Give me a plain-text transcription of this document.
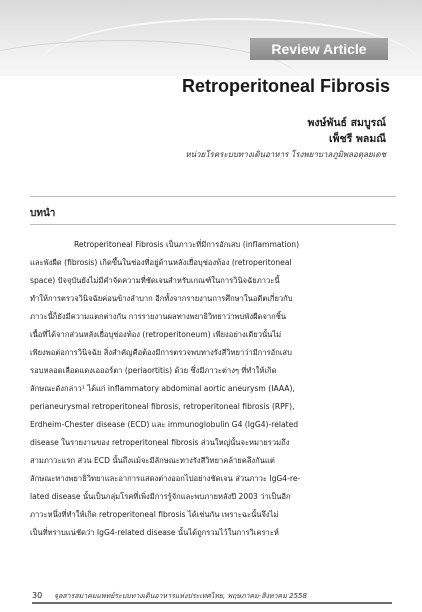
Review Article
Retroperitoneal Fibrosis
พงษ์พันธ์ สมบูรณ์
เพ็ชรี พลมณี
หน่วยโรคระบบทางเดินอาหาร โรงพยาบาลภูมิพลอดุลยเดช
บทนำ
Retroperitoneal Fibrosis เป็นภาวะที่มีการอักเสบ (inflammation)
และพังผืด (fibrosis) เกิดขึ้นในช่องที่อยู่ด้านหลังเยื่อบุช่องท้อง (retroperitoneal
space) ปัจจุบันยังไม่มีคำจัดความที่ชัดเจนสำหรับเกณฑ์ในการวินิจฉัยภาวะนี้
ทำให้การตรวจวินิจฉัยค่อนข้างลำบาก อีกทั้งจากรายงานการศึกษาในอดีตเกี่ยวกับ
ภาวะนี้ก็ยังมีความแตกต่างกัน การรายงานผลทางพยาธิวิทยาว่าพบพังผืดจากชิ้น
เนื้อที่ได้จากส่วนหลังเยื่อบุช่องท้อง (retroperitoneum) เพียงอย่างเดียวนั้นไม่
เพียงพอต่อการวินิจฉัย สิ่งสำคัญคือต้องมีการตรวจพบทางรังสีวิทยาว่ามีการอักเสบ
รอบหลอดเลือดแดงเอออร์ตา (periaortitis) ด้วย ซึ่งมีภาวะต่างๆ ที่ทำให้เกิด
ลักษณะดังกล่าว¹ ได้แก่ inflammatory abdominal aortic aneurysm (IAAA),
perianeurysmal retroperitoneal fibrosis, retroperitoneal fibrosis (RPF),
Erdheim-Chester disease (ECD) และ immunoglobulin G4 (IgG4)-related
disease ในรายงานของ retroperitoneal fibrosis ส่วนใหญ่นั้นจะหมายรวมถึง
สามภาวะแรก ส่วน ECD นั้นถึงแม้จะมีลักษณะทางรังสีวิทยาคล้ายคลึงกันแต่
ลักษณะทางพยาธิวิทยาและอาการแสดงต่างออกไปอย่างชัดเจน ส่วนภาวะ IgG4-re-
lated disease นั้นเป็นกลุ่มโรคที่เพิ่งมีการรู้จักและพบภายหลังปี 2003 ว่าเป็นอีก
ภาวะหนึ่งที่ทำให้เกิด retroperitoneal fibrosis ได้เช่นกัน เพราะฉะนั้นจึงไม่
เป็นที่ทราบแน่ชัดว่า IgG4-related disease นั้นได้ถูกรวมไว้ในการวิเคราะห์
30 จุลสารสมาคมแพทย์ระบบทางเดินอาหารแห่งประเทศไทย, พฤษภาคม-สิงหาคม 2558
